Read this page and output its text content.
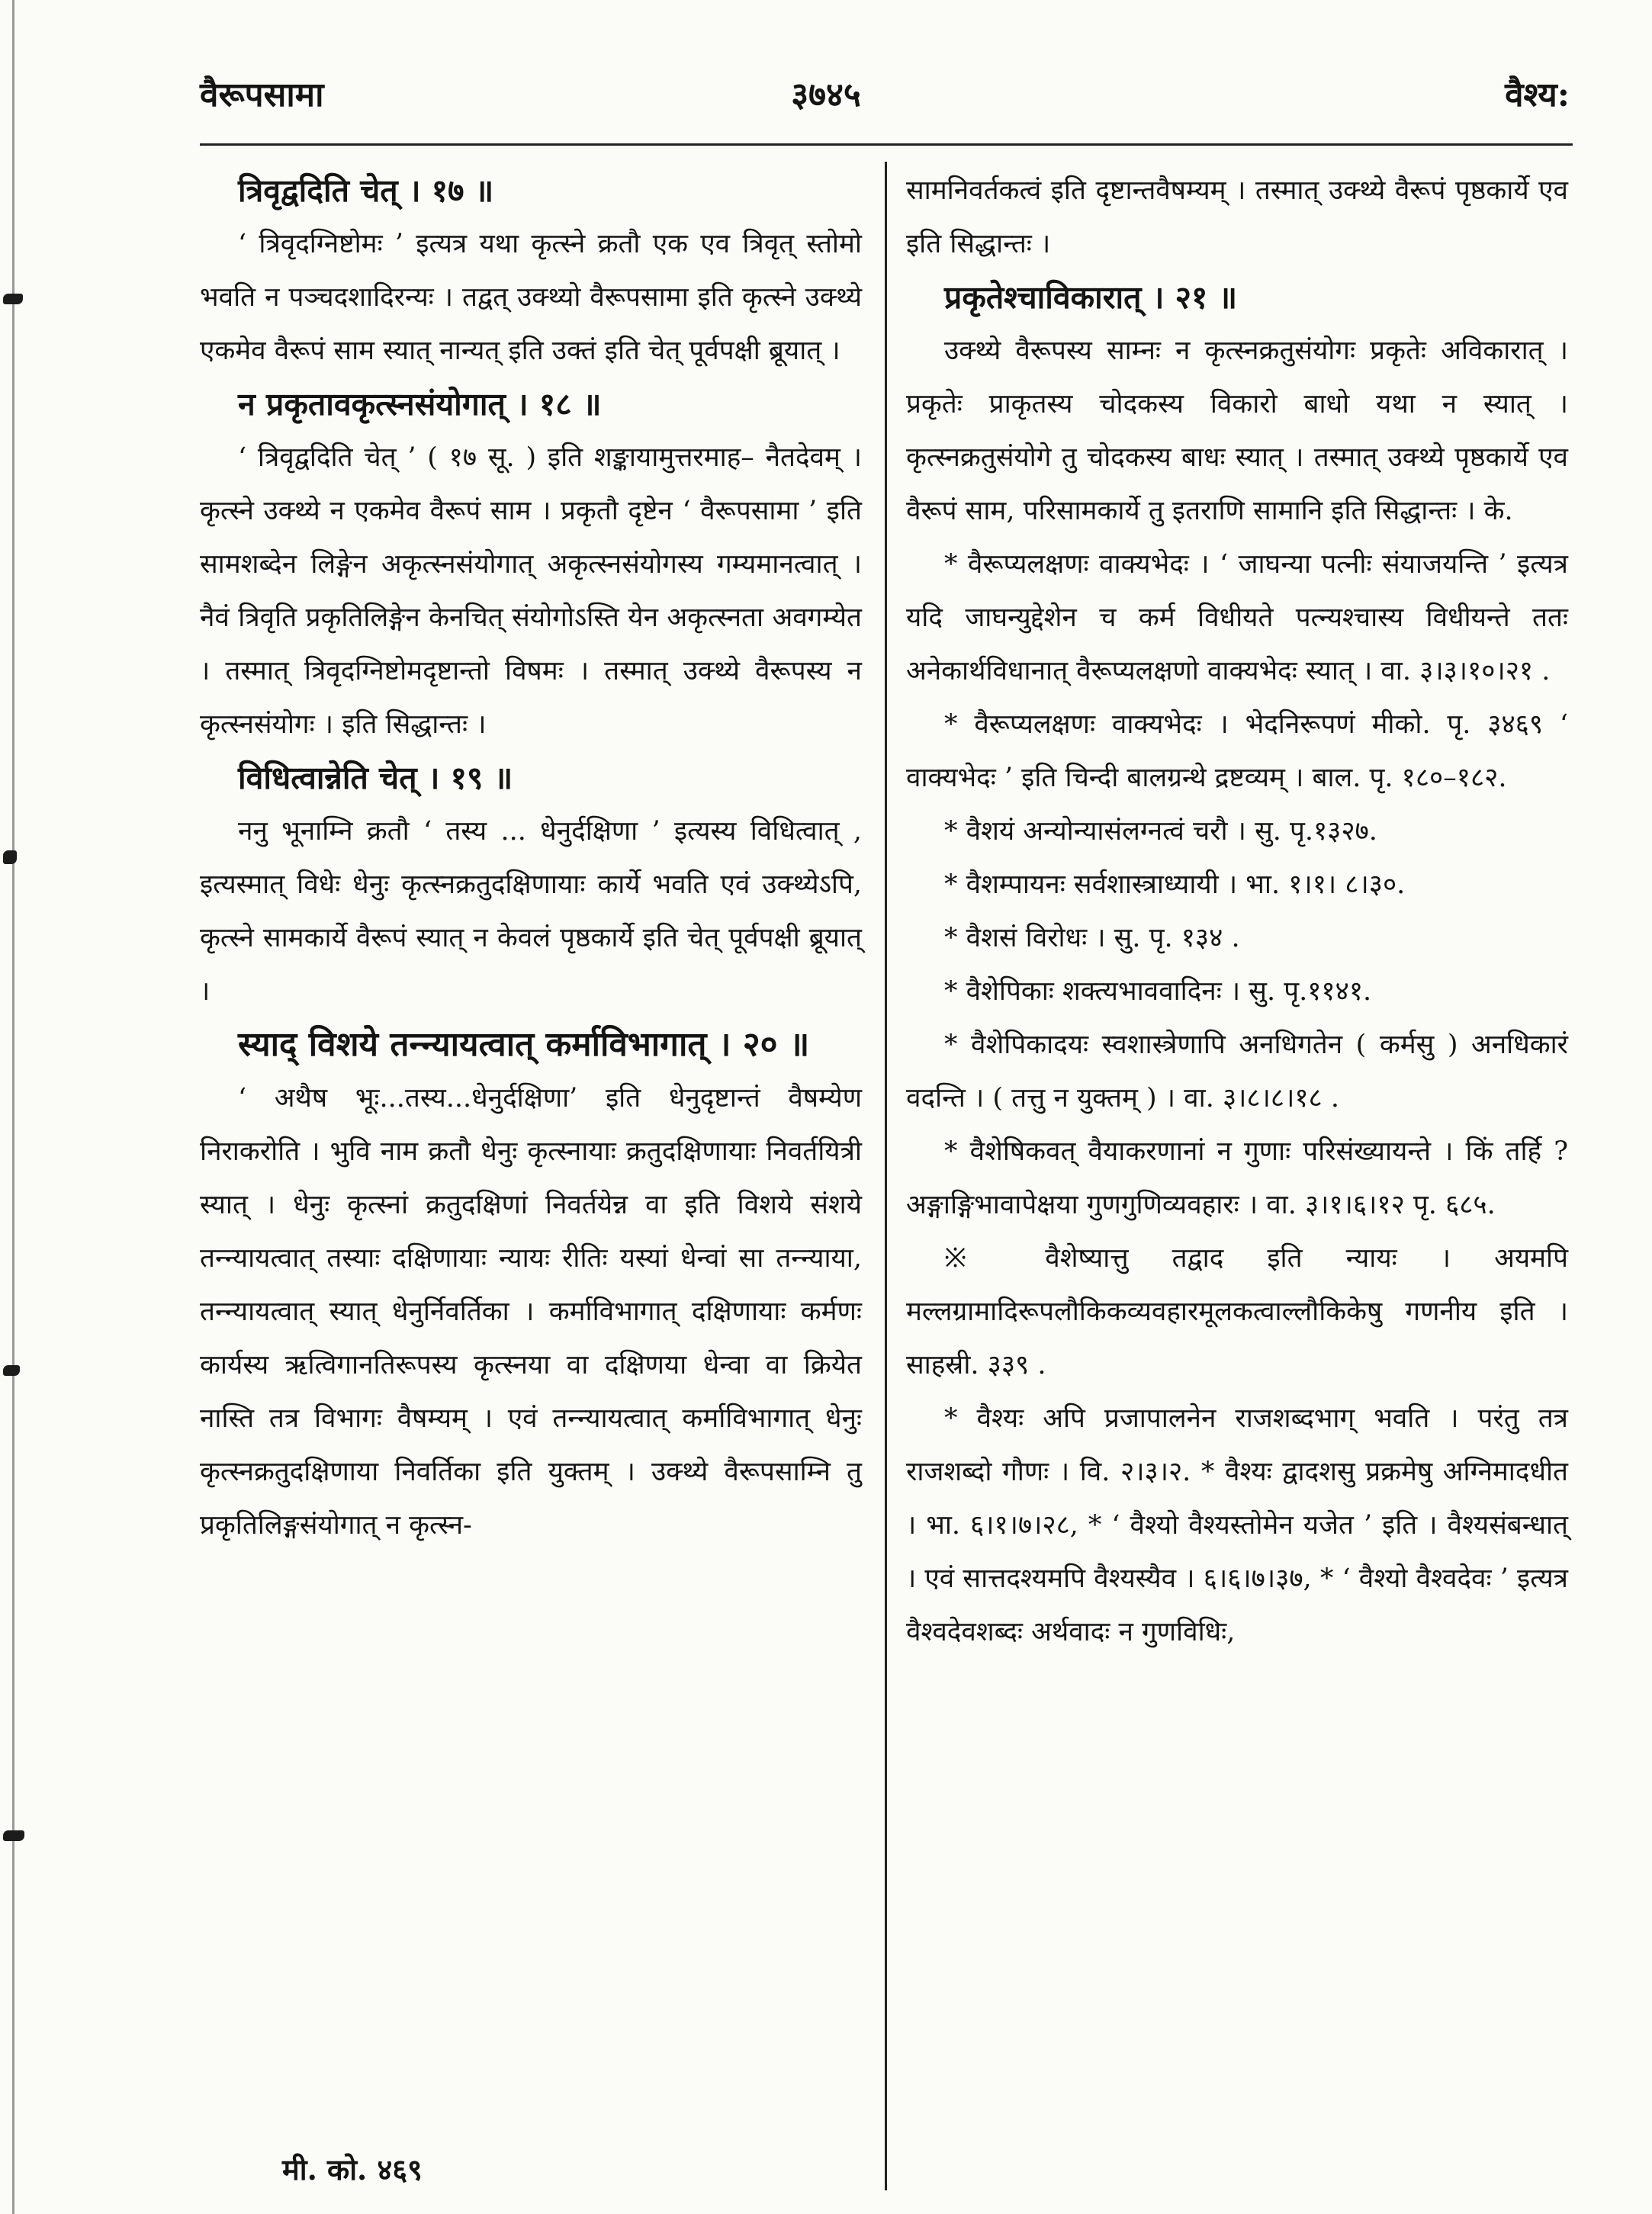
वैरूपसामा	३७४५	वैश्य:

त्रिवृद्वदिति चेत् । १७ ॥

‘ त्रिवृदग्निष्टोमः ’ इत्यत्र यथा कृत्स्ने क्रतौ एक एव त्रिवृत् स्तोमो भवति न पञ्चदशादिरन्यः । तद्वत् उक्थ्यो वैरूपसामा इति कृत्स्ने उक्थ्ये एकमेव वैरूपं साम स्यात् नान्यत् इति उक्तं इति चेत् पूर्वपक्षी ब्रूयात् ।

न प्रकृतावकृत्स्नसंयोगात् । १८ ॥

‘ त्रिवृद्वदिति चेत् ’ ( १७ सू. ) इति शङ्कायामुत्तरमाह– नैतदेवम् । कृत्स्ने उक्थ्ये न एकमेव वैरूपं साम । प्रकृतौ दृष्टेन ‘ वैरूपसामा ’ इति सामशब्देन लिङ्गेन अकृत्स्नसंयोगात् अकृत्स्नसंयोगस्य गम्यमानत्वात् । नैवं त्रिवृति प्रकृतिलिङ्गेन केनचित् संयोगोऽस्ति येन अकृत्स्नता अवगम्येत । तस्मात् त्रिवृदग्निष्टोमदृष्टान्तो विषमः । तस्मात् उक्थ्ये वैरूपस्य न कृत्स्नसंयोगः । इति सिद्धान्तः ।

विधित्वान्नेति चेत् । १९ ॥

ननु भूनाम्नि क्रतौ ‘ तस्य ... धेनुर्दक्षिणा ’ इत्यस्य विधित्वात् , इत्यस्मात् विधेः धेनुः कृत्स्नक्रतुदक्षिणायाः कार्ये भवति एवं उक्थ्येऽपि, कृत्स्ने सामकार्ये वैरूपं स्यात् न केवलं पृष्ठकार्ये इति चेत् पूर्वपक्षी ब्रूयात् ।

स्याद् विशये तन्न्यायत्वात् कर्माविभागात् । २० ॥

‘ अथैष भूः...तस्य...धेनुर्दक्षिणा’ इति धेनुदृष्टान्तं वैषम्येण निराकरोति । भुवि नाम क्रतौ धेनुः कृत्स्नायाः क्रतुदक्षिणायाः निवर्तयित्री स्यात् । धेनुः कृत्स्नां क्रतुदक्षिणां निवर्तयेन्न वा इति विशये संशये तन्न्यायत्वात् तस्याः दक्षिणायाः न्यायः रीतिः यस्यां धेन्वां सा तन्न्याया, तन्न्यायत्वात् स्यात् धेनुर्निवर्तिका । कर्माविभागात् दक्षिणायाः कर्मणः कार्यस्य ऋत्विगानतिरूपस्य कृत्स्नया वा दक्षिणया धेन्वा वा क्रियेत नास्ति तत्र विभागः वैषम्यम् । एवं तन्न्यायत्वात् कर्माविभागात् धेनुः कृत्स्नक्रतुदक्षिणाया निवर्तिका इति युक्तम् । उक्थ्ये वैरूपसाम्नि तु प्रकृतिलिङ्गसंयोगात् न कृत्स्न-

सामनिवर्तकत्वं इति दृष्टान्तवैषम्यम् । तस्मात् उक्थ्ये वैरूपं पृष्ठकार्ये एव इति सिद्धान्तः ।

प्रकृतेश्चाविकारात् । २१ ॥

उक्थ्ये वैरूपस्य साम्नः न कृत्स्नक्रतुसंयोगः प्रकृतेः अविकारात् । प्रकृतेः प्राकृतस्य चोदकस्य विकारो बाधो यथा न स्यात् । कृत्स्नक्रतुसंयोगे तु चोदकस्य बाधः स्यात् । तस्मात् उक्थ्ये पृष्ठकार्ये एव वैरूपं साम, परिसामकार्ये तु इतराणि सामानि इति सिद्धान्तः । के.

* वैरूप्यलक्षणः वाक्यभेदः । ‘ जाघन्या पत्नीः संयाजयन्ति ’ इत्यत्र यदि जाघन्युद्देशेन च कर्म विधीयते पत्न्यश्चास्य विधीयन्ते ततः अनेकार्थविधानात् वैरूप्यलक्षणो वाक्यभेदः स्यात् । वा. ३।३।१०।२१ .

* वैरूप्यलक्षणः वाक्यभेदः । भेदनिरूपणं मीको. पृ. ३४६९ ‘ वाक्यभेदः ’ इति चिन्दी बालग्रन्थे द्रष्टव्यम् । बाल. पृ. १८०–१८२.

* वैशयं अन्योन्यासंलग्नत्वं चरौ । सु. पृ.१३२७.

* वैशम्पायनः सर्वशास्त्राध्यायी । भा. १।१। ८।३०.

* वैशसं विरोधः । सु. पृ. १३४ .

* वैशेपिकाः शक्त्यभाववादिनः । सु. पृ.११४१.

* वैशेपिकादयः स्वशास्त्रेणापि अनधिगतेन ( कर्मसु ) अनधिकारं वदन्ति । ( तत्तु न युक्तम् ) । वा. ३।८।८।१८ .

* वैशेषिकवत् वैयाकरणानां न गुणाः परिसंख्यायन्ते । किं तर्हि ? अङ्गाङ्गिभावापेक्षया गुणगुणिव्यवहारः । वा. ३।१।६।१२ पृ. ६८५.

※ वैशेष्यात्तु तद्वाद इति न्यायः । अयमपि मल्लग्रामादिरूपलौकिकव्यवहारमूलकत्वाल्लौकिकेषु गणनीय इति । साहस्री. ३३९ .

* वैश्यः अपि प्रजापालनेन राजशब्दभाग् भवति । परंतु तत्र राजशब्दो गौणः । वि. २।३।२. * वैश्यः द्वादशसु प्रक्रमेषु अग्निमादधीत । भा. ६।१।७।२८, * ‘ वैश्यो वैश्यस्तोमेन यजेत ’ इति । वैश्यसंबन्धात् । एवं सात्तदश्यमपि वैश्यस्यैव । ६।६।७।३७, * ‘ वैश्यो वैश्वदेवः ’ इत्यत्र वैश्वदेवशब्दः अर्थवादः न गुणविधिः,

मी. को. ४६९
